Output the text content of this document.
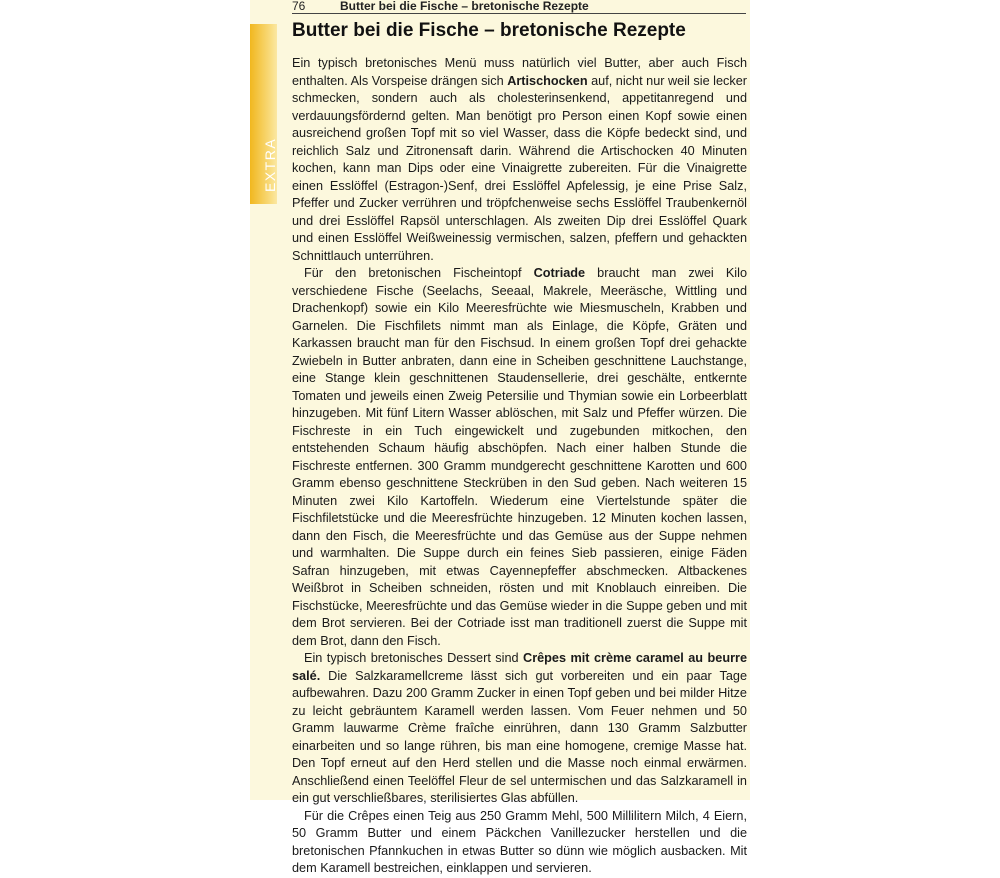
76	Butter bei die Fische – bretonische Rezepte
EXTRA
Butter bei die Fische – bretonische Rezepte

Ein typisch bretonisches Menü muss natürlich viel Butter, aber auch Fisch enthalten. Als Vorspeise drängen sich Artischocken auf, nicht nur weil sie lecker schmecken, sondern auch als cholesterinsenkend, appetitanregend und verdauungsfördernd gelten. Man benötigt pro Person einen Kopf sowie einen ausreichend großen Topf mit so viel Wasser, dass die Köpfe bedeckt sind, und reichlich Salz und Zitronensaft darin. Während die Artischocken 40 Minuten kochen, kann man Dips oder eine Vinaigrette zubereiten. Für die Vinaigrette einen Esslöffel (Estragon-)Senf, drei Esslöffel Apfelessig, je eine Prise Salz, Pfeffer und Zucker verrühren und tröpfchenweise sechs Esslöffel Traubenkernöl und drei Esslöffel Rapsöl unterschlagen. Als zweiten Dip drei Esslöffel Quark und einen Esslöffel Weißweinessig vermischen, salzen, pfeffern und gehackten Schnittlauch unterrühren.

Für den bretonischen Fischeintopf Cotriade braucht man zwei Kilo verschiedene Fische (Seelachs, Seeaal, Makrele, Meeräsche, Wittling und Drachenkopf) sowie ein Kilo Meeresfrüchte wie Miesmuscheln, Krabben und Garnelen. Die Fischfilets nimmt man als Einlage, die Köpfe, Gräten und Karkassen braucht man für den Fischsud. In einem großen Topf drei gehackte Zwiebeln in Butter anbraten, dann eine in Scheiben geschnittene Lauchstange, eine Stange klein geschnittenen Staudensellerie, drei geschälte, entkernte Tomaten und jeweils einen Zweig Petersilie und Thymian sowie ein Lorbeerblatt hinzugeben. Mit fünf Litern Wasser ablöschen, mit Salz und Pfeffer würzen. Die Fischreste in ein Tuch eingewickelt und zugebunden mitkochen, den entstehenden Schaum häufig abschöpfen. Nach einer halben Stunde die Fischreste entfernen. 300 Gramm mundgerecht geschnittene Karotten und 600 Gramm ebenso geschnittene Steckrüben in den Sud geben. Nach weiteren 15 Minuten zwei Kilo Kartoffeln. Wiederum eine Viertelstunde später die Fischfiletstücke und die Meeresfrüchte hinzugeben. 12 Minuten kochen lassen, dann den Fisch, die Meeresfrüchte und das Gemüse aus der Suppe nehmen und warmhalten. Die Suppe durch ein feines Sieb passieren, einige Fäden Safran hinzugeben, mit etwas Cayennepfeffer abschmecken. Altbackenes Weißbrot in Scheiben schneiden, rösten und mit Knoblauch einreiben. Die Fischstücke, Meeresfrüchte und das Gemüse wieder in die Suppe geben und mit dem Brot servieren. Bei der Cotriade isst man traditionell zuerst die Suppe mit dem Brot, dann den Fisch.

Ein typisch bretonisches Dessert sind Crêpes mit crème caramel au beurre salé. Die Salzkaramellcreme lässt sich gut vorbereiten und ein paar Tage aufbewahren. Dazu 200 Gramm Zucker in einen Topf geben und bei milder Hitze zu leicht gebräuntem Karamell werden lassen. Vom Feuer nehmen und 50 Gramm lauwarme Crème fraîche einrühren, dann 130 Gramm Salzbutter einarbeiten und so lange rühren, bis man eine homogene, cremige Masse hat. Den Topf erneut auf den Herd stellen und die Masse noch einmal erwärmen. Anschließend einen Teelöffel Fleur de sel untermischen und das Salzkaramell in ein gut verschließbares, sterilisiertes Glas abfüllen.

Für die Crêpes einen Teig aus 250 Gramm Mehl, 500 Millilitern Milch, 4 Eiern, 50 Gramm Butter und einem Päckchen Vanillezucker herstellen und die bretonischen Pfannkuchen in etwas Butter so dünn wie möglich ausbacken. Mit dem Karamell bestreichen, einklappen und servieren.
